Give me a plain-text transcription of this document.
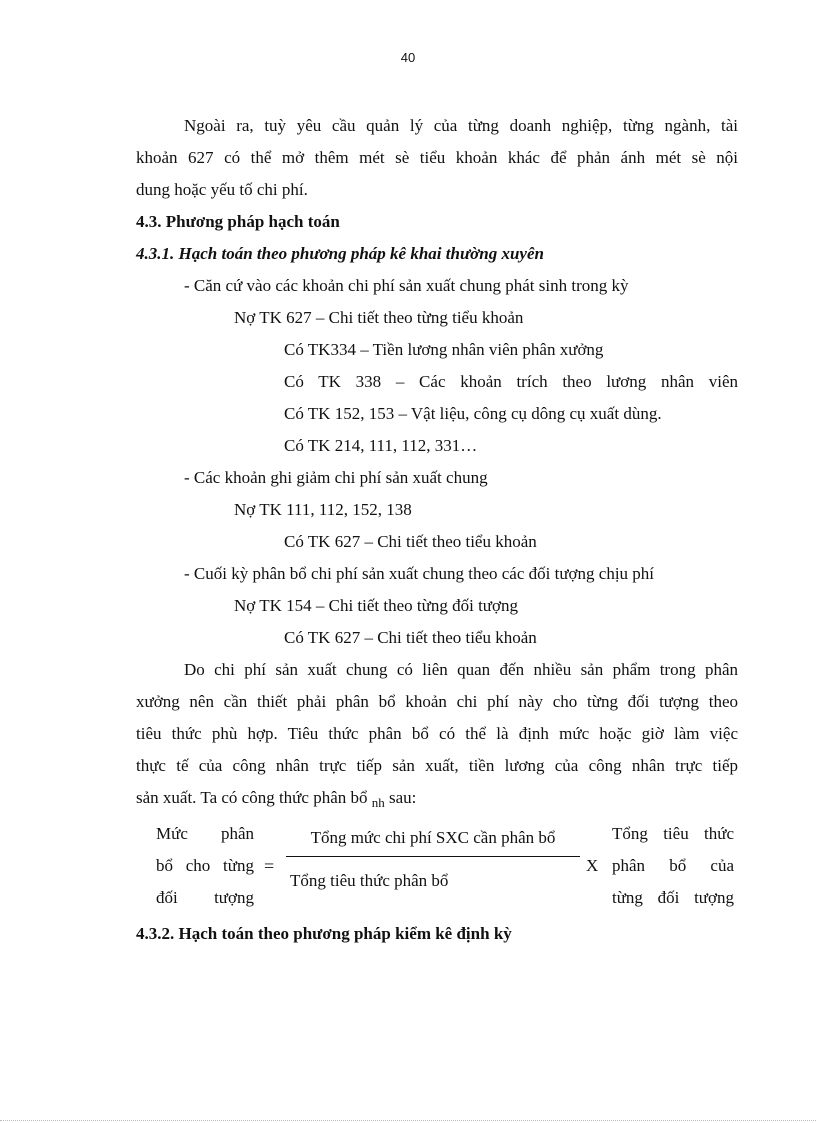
40
Ngoài ra, tuỳ yêu cầu quản lý của từng doanh nghiệp, từng ngành, tài
khoản 627 có thể mở thêm mét sè tiểu khoản khác để phản ánh mét sè nội
dung hoặc yếu tố chi phí.
4.3. Phương pháp hạch toán
4.3.1. Hạch toán theo phương pháp kê khai thường xuyên
- Căn cứ vào các khoản chi phí sản xuất chung phát sinh trong kỳ
Nợ TK 627 – Chi tiết theo từng tiểu khoản
Có TK334 – Tiền lương nhân viên phân xưởng
Có TK 338 – Các khoản trích theo lương nhân viên
Có TK 152, 153 – Vật liệu, công cụ dông cụ xuất dùng.
Có TK 214, 111, 112, 331…
- Các khoản ghi giảm chi phí sản xuất chung
Nợ TK 111, 112, 152, 138
Có TK 627 – Chi tiết theo tiểu khoản
- Cuối kỳ phân bổ chi phí sản xuất chung theo các đối tượng chịu phí
Nợ TK 154 – Chi tiết theo từng đối tượng
Có TK 627 – Chi tiết theo tiểu khoản
Do chi phí sản xuất chung có liên quan đến nhiều sản phẩm trong phân
xưởng nên cần thiết phải phân bổ khoản chi phí này cho từng đối tượng theo
tiêu thức phù hợp. Tiêu thức phân bổ có thể là định mức hoặc giờ làm việc
thực tế của công nhân trực tiếp sản xuất, tiền lương của công nhân trực tiếp
sản xuất. Ta có công thức phân bổ $_{nh}$ sau:
Mức phân
bổ cho từng
đối tượng
=
Tổng mức chi phí SXC cần phân bổ
Tổng tiêu thức phân bổ
X
Tổng tiêu thức
phân bổ của
từng đối tượng
4.3.2. Hạch toán theo phương pháp kiểm kê định kỳ
